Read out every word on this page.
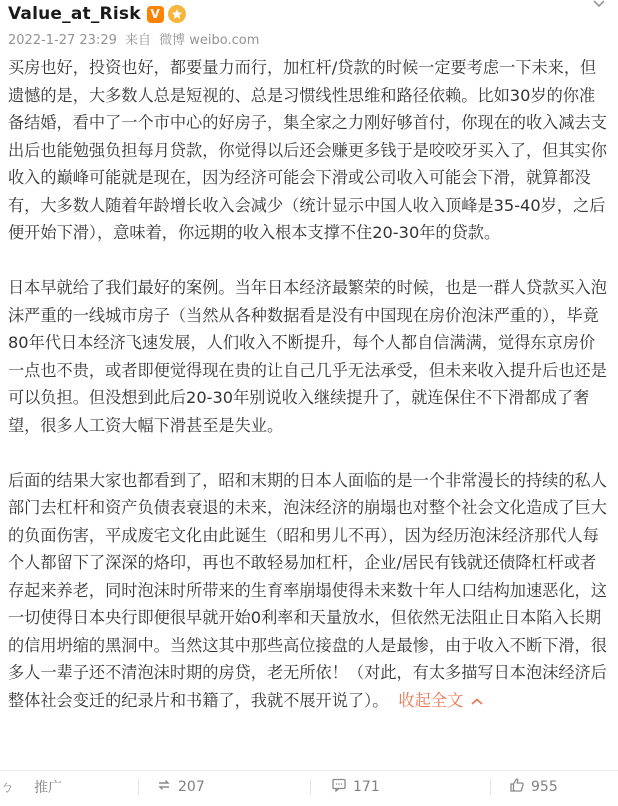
Value_at_Risk V
2022-1-27 23:29 来自 微博 weibo.com

买房也好，投资也好，都要量力而行，加杠杆/贷款的时候一定要考虑一下未来，但遗憾的是，大多数人总是短视的、总是习惯线性思维和路径依赖。比如30岁的你准备结婚，看中了一个市中心的好房子，集全家之力刚好够首付，你现在的收入减去支出后也能勉强负担每月贷款，你觉得以后还会赚更多钱于是咬咬牙买入了，但其实你收入的巅峰可能就是现在，因为经济可能会下滑或公司收入可能会下滑，就算都没有，大多数人随着年龄增长收入会减少（统计显示中国人收入顶峰是35-40岁，之后便开始下滑），意味着，你远期的收入根本支撑不住20-30年的贷款。

日本早就给了我们最好的案例。当年日本经济最繁荣的时候，也是一群人贷款买入泡沫严重的一线城市房子（当然从各种数据看是没有中国现在房价泡沫严重的），毕竟80年代日本经济飞速发展，人们收入不断提升，每个人都自信满满，觉得东京房价一点也不贵，或者即便觉得现在贵的让自己几乎无法承受，但未来收入提升后也还是可以负担。但没想到此后20-30年别说收入继续提升了，就连保住不下滑都成了奢望，很多人工资大幅下滑甚至是失业。

后面的结果大家也都看到了，昭和末期的日本人面临的是一个非常漫长的持续的私人部门去杠杆和资产负债表衰退的未来，泡沫经济的崩塌也对整个社会文化造成了巨大的负面伤害，平成废宅文化由此诞生（昭和男儿不再），因为经历泡沫经济那代人每个人都留下了深深的烙印，再也不敢轻易加杠杆，企业/居民有钱就还债降杠杆或者存起来养老，同时泡沫时所带来的生育率崩塌使得未来数十年人口结构加速恶化，这一切使得日本央行即便很早就开始0利率和天量放水，但依然无法阻止日本陷入长期的信用坍缩的黑洞中。当然这其中那些高位接盘的人是最惨，由于收入不断下滑，很多人一辈子还不清泡沫时期的房贷，老无所依！（对此，有太多描写日本泡沫经济后整体社会变迁的纪录片和书籍了，我就不展开说了）。 收起全文

ㄅ 推广	207	171	955
